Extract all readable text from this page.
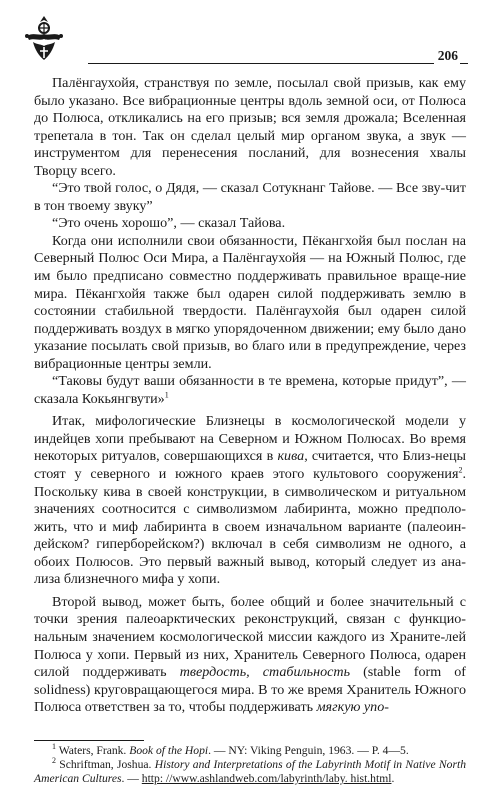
206

Палёнгаухойя, странствуя по земле, посылал свой призыв, как ему было указано. Все вибрационные центры вдоль земной оси, от Полюса до Полюса, откликались на его призыв; вся земля дрожала; Вселенная трепетала в тон. Так он сделал целый мир органом звука, а звук — инструментом для перенесения посланий, для вознесения хвалы Творцу всего.

“Это твой голос, о Дядя, — сказал Сотукнанг Тайове. — Все зву-чит в тон твоему звуку”

“Это очень хорошо”, — сказал Тайова.

Когда они исполнили свои обязанности, Пёкангхойя был послан на Северный Полюс Оси Мира, а Палёнгаухойя — на Южный Полюс, где им было предписано совместно поддерживать правильное враще-ние мира. Пёкангхойя также был одарен силой поддерживать землю в состоянии стабильной твердости. Палёнгаухойя был одарен силой поддерживать воздух в мягко упорядоченном движении; ему было дано указание посылать свой призыв, во благо или в предупреждение, через вибрационные центры земли.

“Таковы будут ваши обязанности в те времена, которые придут”, — сказала Кокьянгвути»$^1$

Итак, мифологические Близнецы в космологической модели у индейцев хопи пребывают на Северном и Южном Полюсах. Во время некоторых ритуалов, совершающихся в кива, считается, что Близ-нецы стоят у северного и южного краев этого культового сооружения$^2$. Поскольку кива в своей конструкции, в символическом и ритуальном значениях соотносится с символизмом лабиринта, можно предполо-жить, что и миф лабиринта в своем изначальном варианте (палеоин-дейском? гиперборейском?) включал в себя символизм не одного, а обоих Полюсов. Это первый важный вывод, который следует из ана-лиза близнечного мифа у хопи.

Второй вывод, может быть, более общий и более значительный с точки зрения палеоарктических реконструкций, связан с функцио-нальным значением космологической миссии каждого из Храните-лей Полюса у хопи. Первый из них, Хранитель Северного Полюса, одарен силой поддерживать твердость, стабильность (stable form of solidness) круговращающегося мира. В то же время Хранитель Южного Полюса ответствен за то, чтобы поддерживать мягкую упо-

$^1$ Waters, Frank. Book of the Hopi. — NY: Viking Penguin, 1963. — P. 4—5.

$^2$ Schriftman, Joshua. History and Interpretations of the Labyrinth Motif in Native North American Cultures. — http: //www.ashlandweb.com/labyrinth/laby. hist.html.
